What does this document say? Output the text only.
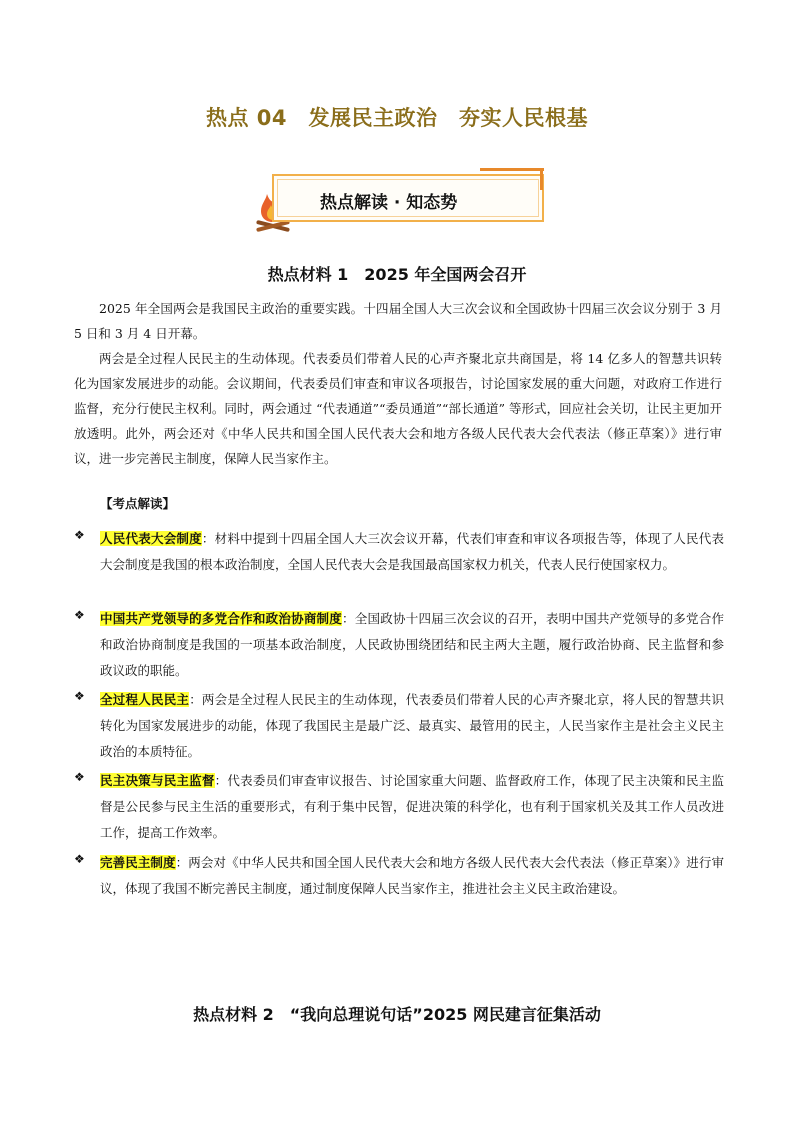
热点 04　发展民主政治　夯实人民根基
热点解读 · 知态势
热点材料 1　2025 年全国两会召开

2025 年全国两会是我国民主政治的重要实践。十四届全国人大三次会议和全国政协十四届三次会议分别于 3 月 5 日和 3 月 4 日开幕。

两会是全过程人民民主的生动体现。代表委员们带着人民的心声齐聚北京共商国是，将 14 亿多人的智慧共识转化为国家发展进步的动能。会议期间，代表委员们审查和审议各项报告，讨论国家发展的重大问题，对政府工作进行监督，充分行使民主权利。同时，两会通过 “代表通道”“委员通道”“部长通道” 等形式，回应社会关切，让民主更加开放透明。此外，两会还对《中华人民共和国全国人民代表大会和地方各级人民代表大会代表法（修正草案）》进行审议，进一步完善民主制度，保障人民当家作主。

【考点解读】
❖ 人民代表大会制度：材料中提到十四届全国人大三次会议开幕，代表们审查和审议各项报告等，体现了人民代表大会制度是我国的根本政治制度，全国人民代表大会是我国最高国家权力机关，代表人民行使国家权力。

❖ 中国共产党领导的多党合作和政治协商制度：全国政协十四届三次会议的召开，表明中国共产党领导的多党合作和政治协商制度是我国的一项基本政治制度，人民政协围绕团结和民主两大主题，履行政治协商、民主监督和参政议政的职能。

❖ 全过程人民民主：两会是全过程人民民主的生动体现，代表委员们带着人民的心声齐聚北京，将人民的智慧共识转化为国家发展进步的动能，体现了我国民主是最广泛、最真实、最管用的民主，人民当家作主是社会主义民主政治的本质特征。

❖ 民主决策与民主监督：代表委员们审查审议报告、讨论国家重大问题、监督政府工作，体现了民主决策和民主监督是公民参与民主生活的重要形式，有利于集中民智，促进决策的科学化，也有利于国家机关及其工作人员改进工作，提高工作效率。

❖ 完善民主制度：两会对《中华人民共和国全国人民代表大会和地方各级人民代表大会代表法（修正草案）》进行审议，体现了我国不断完善民主制度，通过制度保障人民当家作主，推进社会主义民主政治建设。

热点材料 2　“我向总理说句话”2025 网民建言征集活动
